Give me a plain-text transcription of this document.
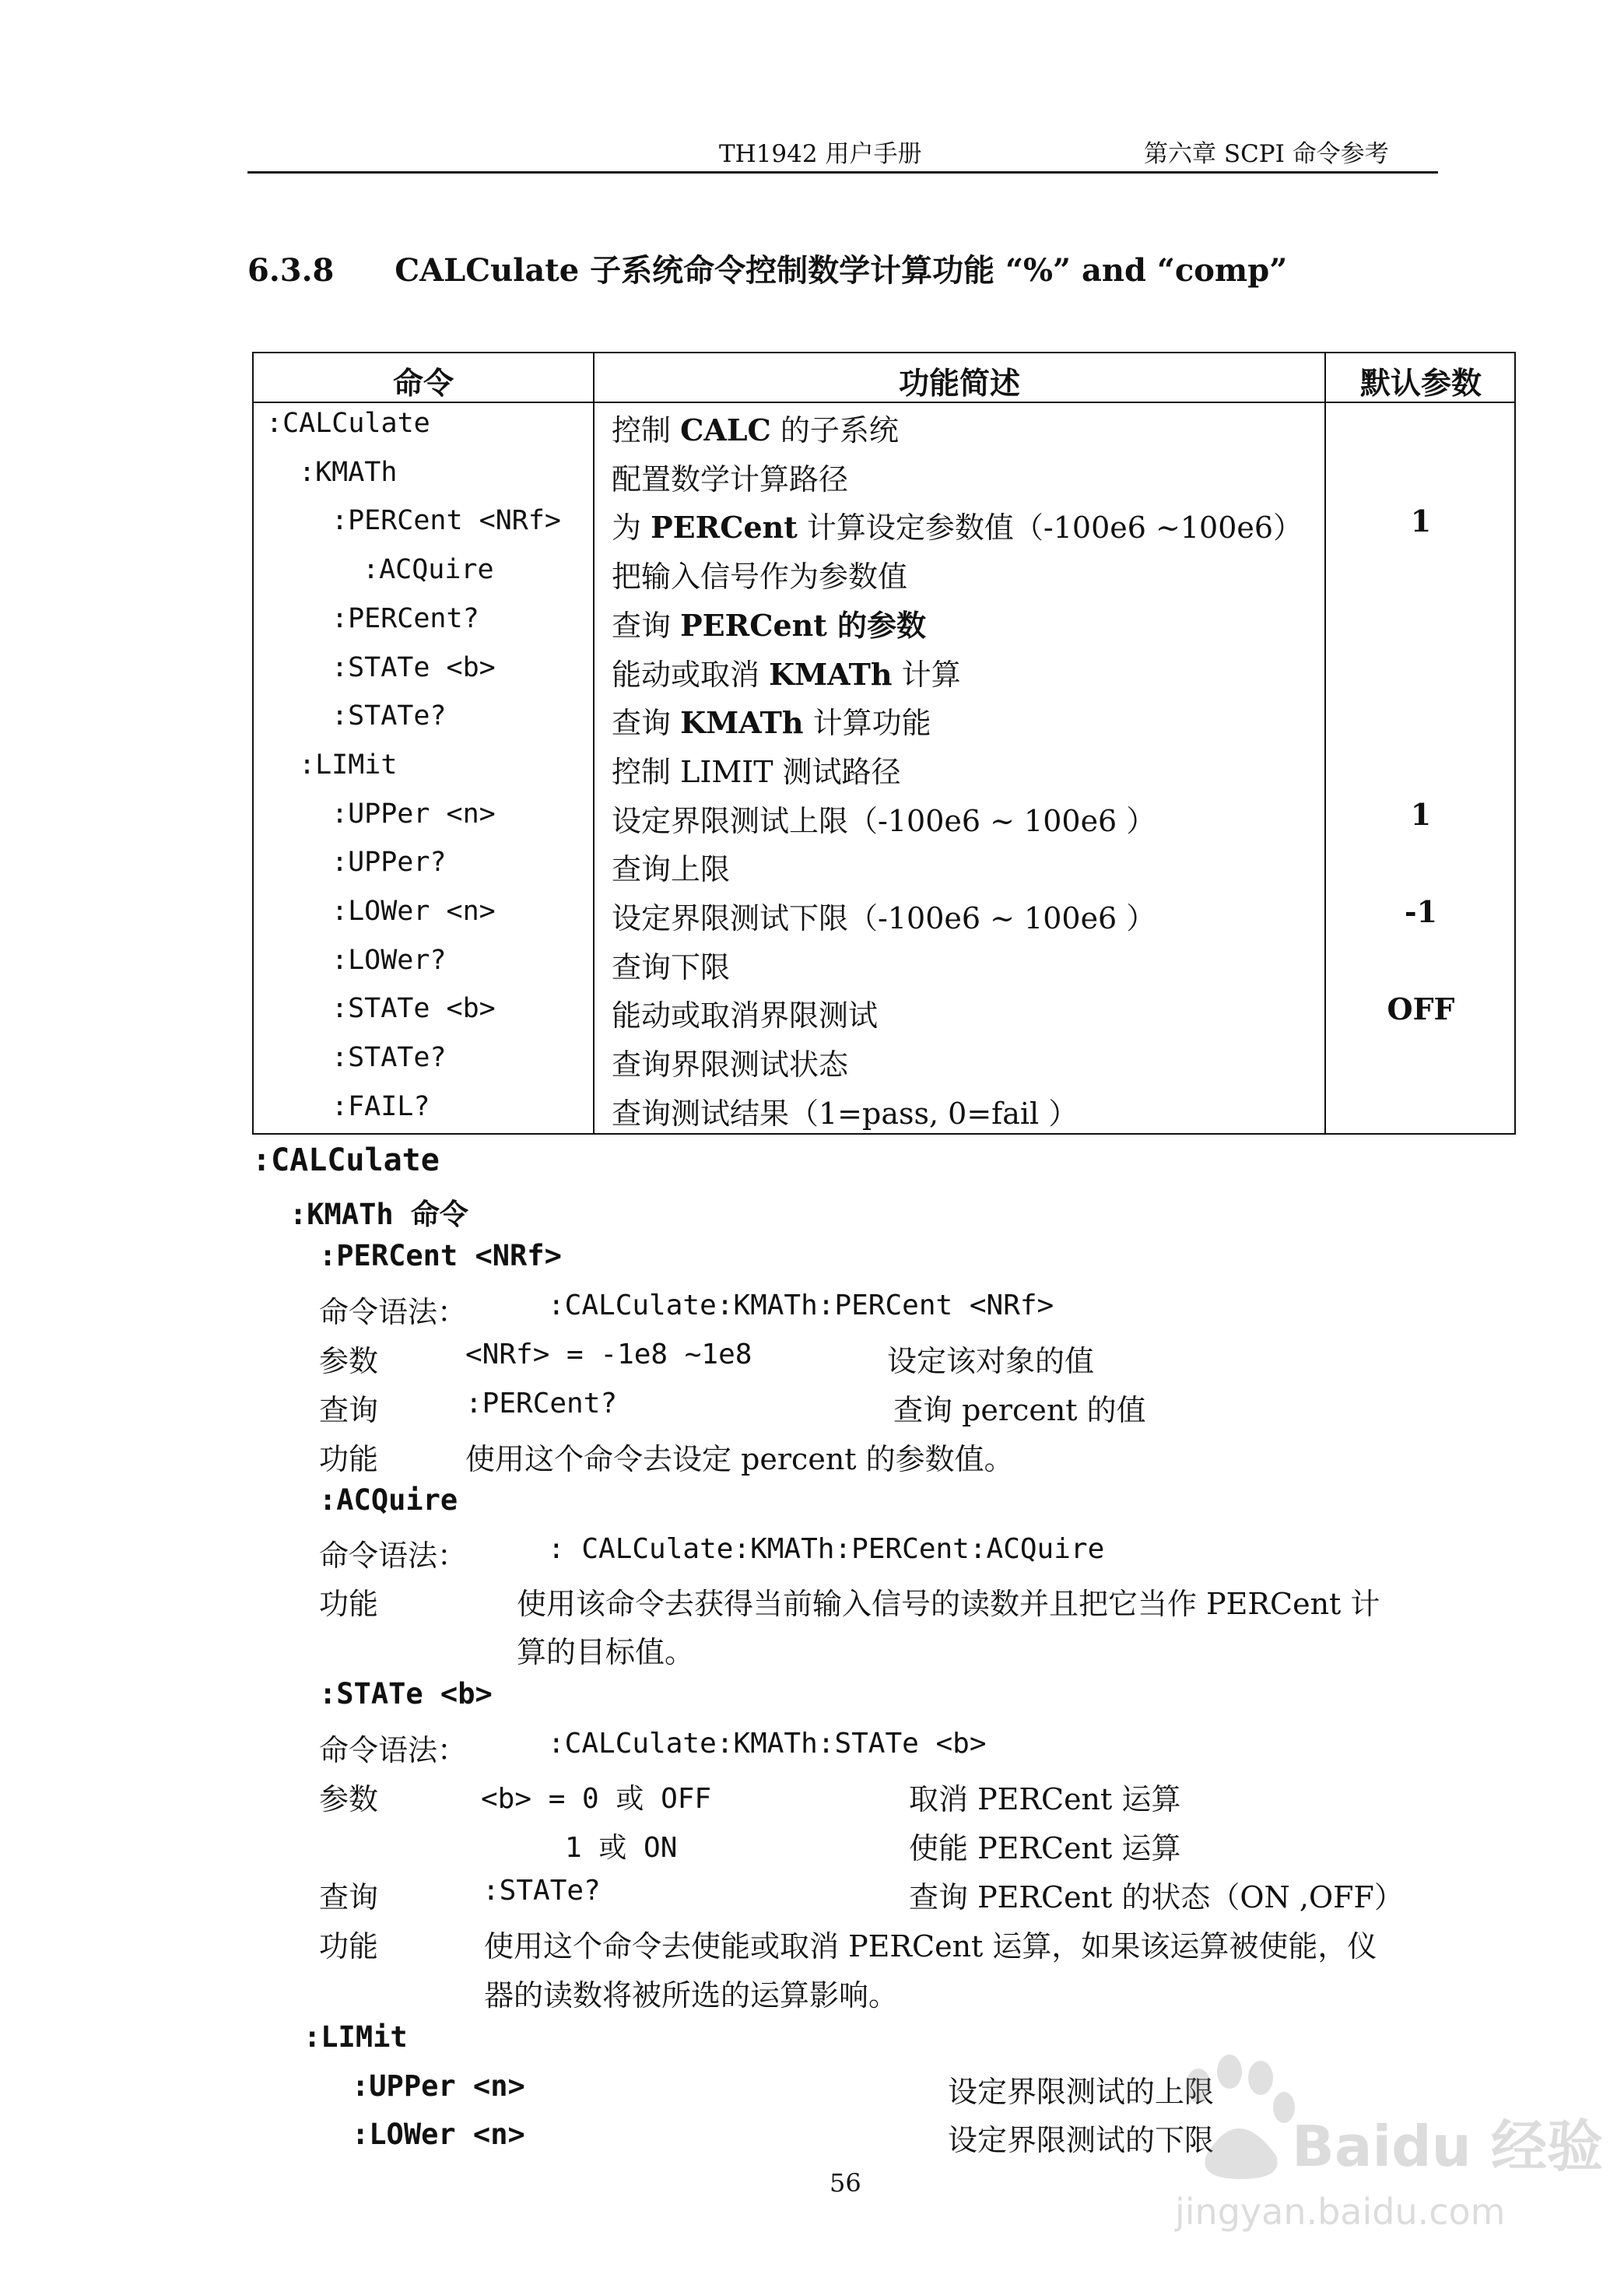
TH1942 用户手册	第六章 SCPI 命令参考
6.3.8 CALCulate 子系统命令控制数学计算功能 “%” and “comp”
命令	功能简述	默认参数
:CALCulate	控制 CALC 的子系统
:KMATh	配置数学计算路径
:PERCent <NRf> 为 PERCent 计算设定参数值（-100e6 ~100e6）	1
:ACQuire	把输入信号作为参数值
:PERCent?	查询 PERCent 的参数
:STATe <b>	能动或取消 KMATh 计算
:STATe?	查询 KMATh 计算功能
:LIMit	控制 LIMIT 测试路径
:UPPer <n>	设定界限测试上限（-100e6 ~ 100e6 ）	1
:UPPer?	查询上限
:LOWer <n>	设定界限测试下限（-100e6 ~ 100e6 ）	-1
:LOWer?	查询下限
:STATe <b>	能动或取消界限测试	OFF
:STATe?	查询界限测试状态
:FAIL?	查询测试结果（1=pass, 0=fail ）
:CALCulate
:KMATh 命令
:PERCent <NRf>
命令语法：	:CALCulate:KMATh:PERCent <NRf>
参数	<NRf> = -1e8 ~1e8	设定该对象的值
查询	:PERCent?	查询 percent 的值
功能	使用这个命令去设定 percent 的参数值。
:ACQuire
命令语法：	: CALCulate:KMATh:PERCent:ACQuire
功能	使用该命令去获得当前输入信号的读数并且把它当作 PERCent 计
算的目标值。
:STATe <b>
命令语法：	:CALCulate:KMATh:STATe <b>
参数	<b> = 0 或 OFF	取消 PERCent 运算
1 或 ON	使能 PERCent 运算
查询	:STATe?	查询 PERCent 的状态（ON ,OFF）
功能	使用这个命令去使能或取消 PERCent 运算，如果该运算被使能，仪
器的读数将被所选的运算影响。
:LIMit
:UPPer <n>	设定界限测试的上限
:LOWer <n>	设定界限测试的下限
56
Baidu 经验
jingyan.baidu.com
